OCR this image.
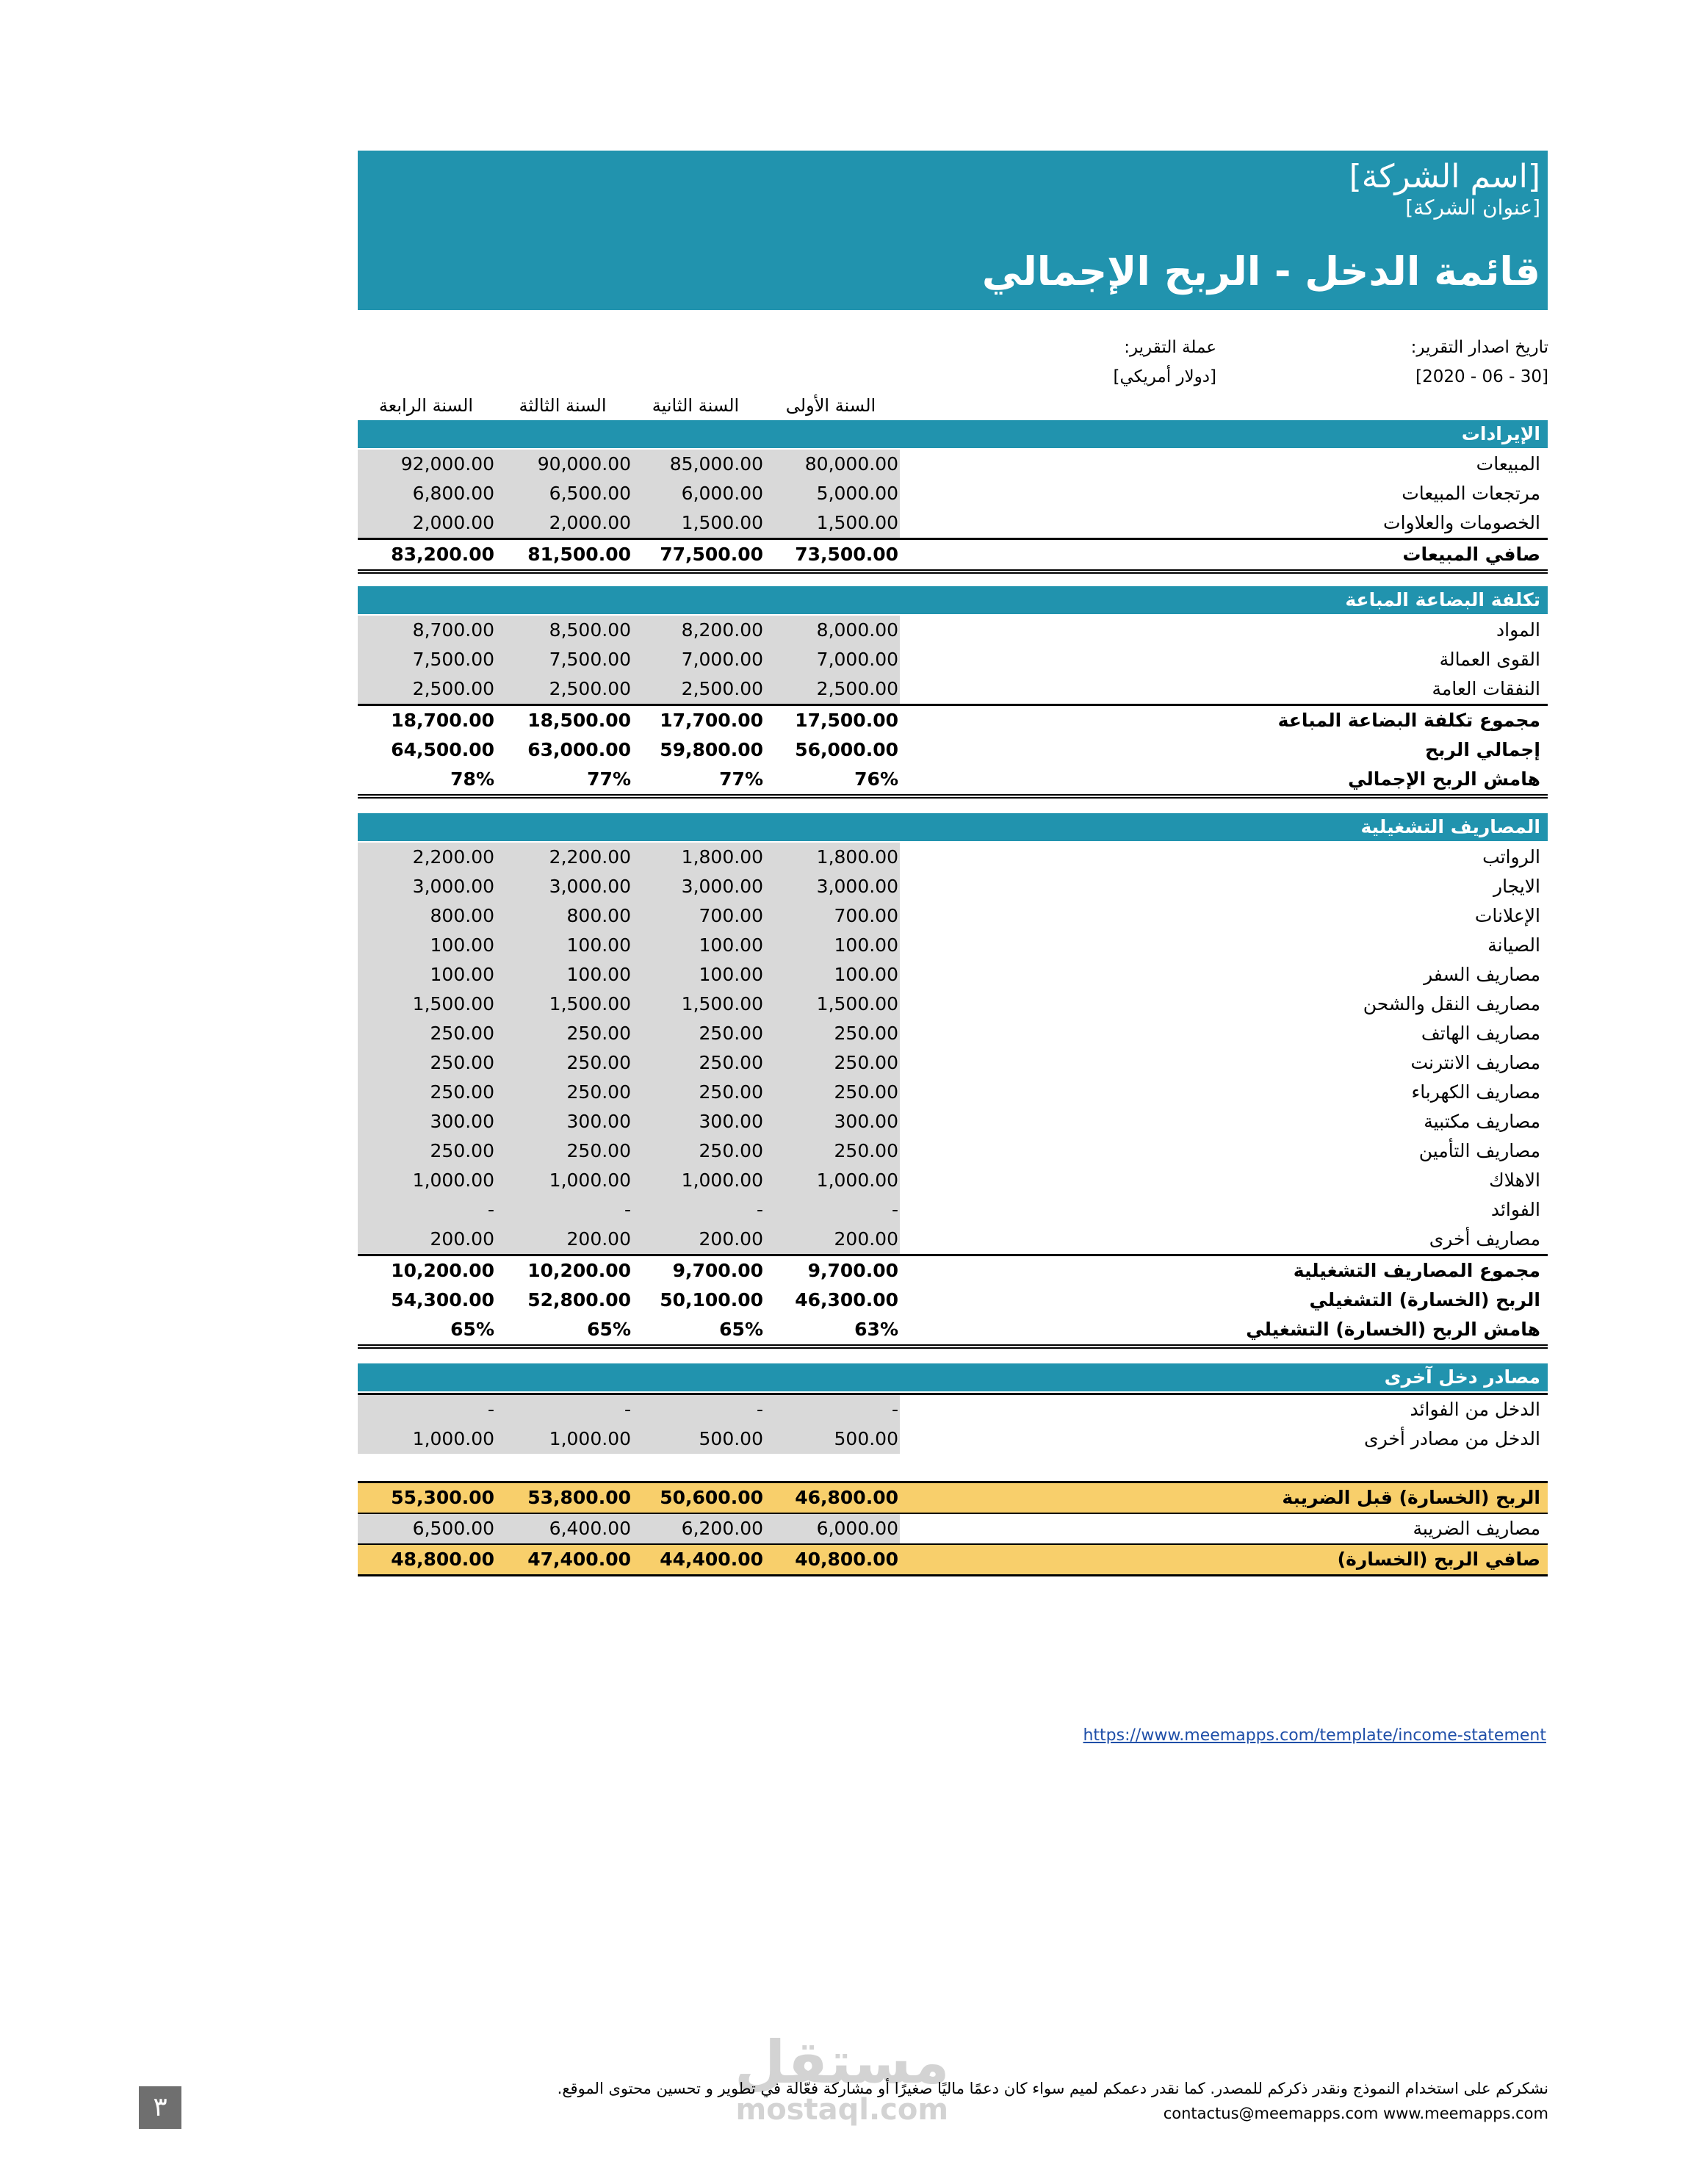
[اسم الشركة]
[عنوان الشركة]
قائمة الدخل - الربح الإجمالي
تاريخ اصدار التقرير:
[30 - 06 - 2020]
عملة التقرير:
[دولار أمريكي]
السنة الأولى
السنة الثانية
السنة الثالثة
السنة الرابعة
الإيرادات
المبيعات
80,000.00
85,000.00
90,000.00
92,000.00
مرتجعات المبيعات
5,000.00
6,000.00
6,500.00
6,800.00
الخصومات والعلاوات
1,500.00
1,500.00
2,000.00
2,000.00
صافي المبيعات
73,500.00
77,500.00
81,500.00
83,200.00
تكلفة البضاعة المباعة
المواد
8,000.00
8,200.00
8,500.00
8,700.00
القوى العمالة
7,000.00
7,000.00
7,500.00
7,500.00
النفقات العامة
2,500.00
2,500.00
2,500.00
2,500.00
مجموع تكلفة البضاعة المباعة
17,500.00
17,700.00
18,500.00
18,700.00
إجمالي الربح
56,000.00
59,800.00
63,000.00
64,500.00
هامش الربح الإجمالي
76%
77%
77%
78%
المصاريف التشغيلية
الرواتب
1,800.00
1,800.00
2,200.00
2,200.00
الايجار
3,000.00
3,000.00
3,000.00
3,000.00
الإعلانات
700.00
700.00
800.00
800.00
الصيانة
100.00
100.00
100.00
100.00
مصاريف السفر
100.00
100.00
100.00
100.00
مصاريف النقل والشحن
1,500.00
1,500.00
1,500.00
1,500.00
مصاريف الهاتف
250.00
250.00
250.00
250.00
مصاريف الانترنت
250.00
250.00
250.00
250.00
مصاريف الكهرباء
250.00
250.00
250.00
250.00
مصاريف مكتبية
300.00
300.00
300.00
300.00
مصاريف التأمين
250.00
250.00
250.00
250.00
الاهلاك
1,000.00
1,000.00
1,000.00
1,000.00
الفوائد
-
-
-
-
مصاريف أخرى
200.00
200.00
200.00
200.00
مجموع المصاريف التشغيلية
9,700.00
9,700.00
10,200.00
10,200.00
الربح (الخسارة) التشغيلي
46,300.00
50,100.00
52,800.00
54,300.00
هامش الربح (الخسارة) التشغيلي
63%
65%
65%
65%
مصادر دخل آخرى
الدخل من الفوائد
-
-
-
-
الدخل من مصادر أخرى
500.00
500.00
1,000.00
1,000.00
الربح (الخسارة) قبل الضريبة
46,800.00
50,600.00
53,800.00
55,300.00
مصاريف الضريبة
6,000.00
6,200.00
6,400.00
6,500.00
صافي الربح (الخسارة)
40,800.00
44,400.00
47,400.00
48,800.00
https://www.meemapps.com/template/income-statement
مستقل
mostaql.com
٣
نشكركم على استخدام النموذج ونقدر ذكركم للمصدر. كما نقدر دعمكم لميم سواء كان دعمًا ماليًا صغيرًا أو مشاركة فعّالة في تطوير و تحسين محتوى الموقع.
contactus@meemapps.com www.meemapps.com
